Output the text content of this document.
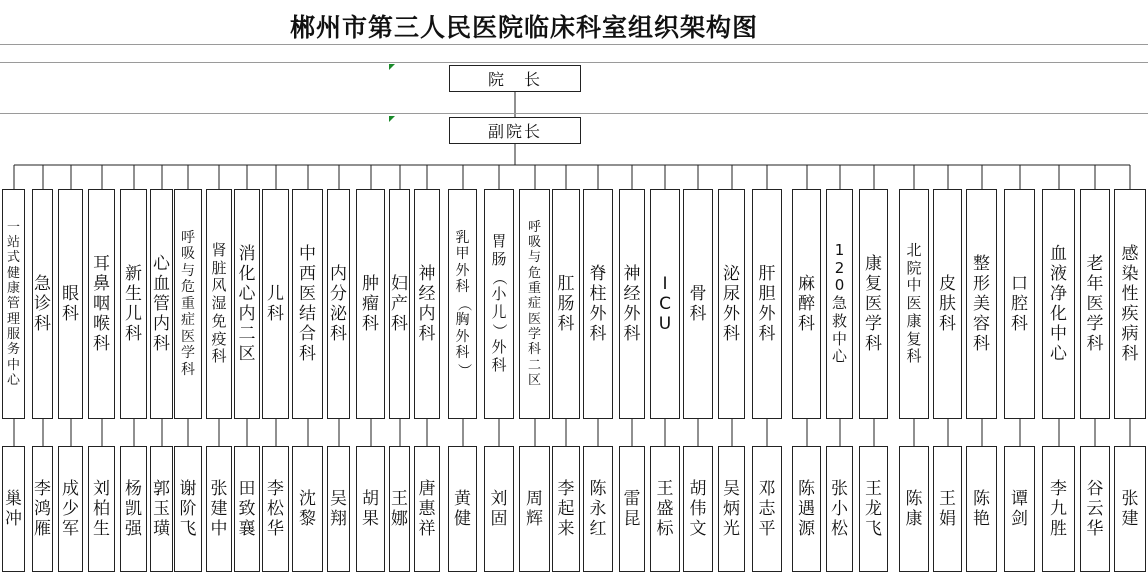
郴州市第三人民医院临床科室组织架构图
院　长
副院长
一
站
式
健
康
管
理
服
务
中
心
巢
冲
急
诊
科
李
鸿
雁
眼
科
成
少
军
耳
鼻
咽
喉
科
刘
柏
生
新
生
儿
科
杨
凯
强
心
血
管
内
科
郭
玉
璜
呼
吸
与
危
重
症
医
学
科
谢
阶
飞
肾
脏
风
湿
免
疫
科
张
建
中
消
化
心
内
二
区
田
致
襄
儿
科
李
松
华
中
西
医
结
合
科
沈
黎
内
分
泌
科
吴
翔
肿
瘤
科
胡
果
妇
产
科
王
娜
神
经
内
科
唐
惠
祥
乳
甲
外
科
（
胸
外
科
）
黄
健
胃
肠
（
小
儿
）
外
科
刘
固
呼
吸
与
危
重
症
医
学
科
二
区
周
辉
肛
肠
科
李
起
来
脊
柱
外
科
陈
永
红
神
经
外
科
雷
昆
I
C
U
王
盛
标
骨
科
胡
伟
文
泌
尿
外
科
吴
炳
光
肝
胆
外
科
邓
志
平
麻
醉
科
陈
遇
源
1
2
0
急
救
中
心
张
小
松
康
复
医
学
科
王
龙
飞
北
院
中
医
康
复
科
陈
康
皮
肤
科
王
娟
整
形
美
容
科
陈
艳
口
腔
科
谭
剑
血
液
净
化
中
心
李
九
胜
老
年
医
学
科
谷
云
华
感
染
性
疾
病
科
张
建
